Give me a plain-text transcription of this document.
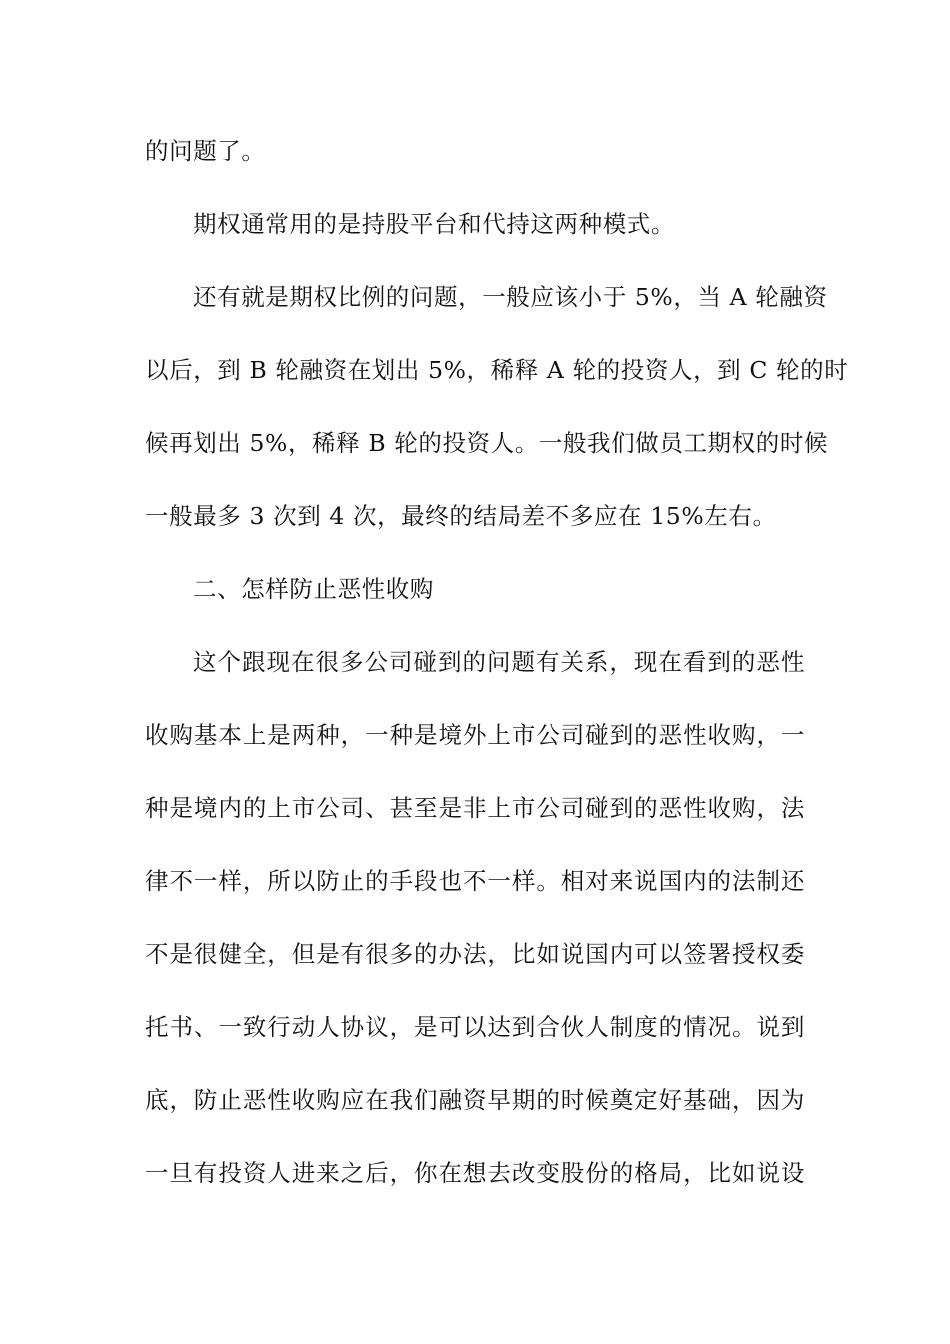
的问题了。
期权通常用的是持股平台和代持这两种模式。
还有就是期权比例的问题，一般应该小于 5%，当 A 轮融资
以后，到 B 轮融资在划出 5%，稀释 A 轮的投资人，到 C 轮的时
候再划出 5%，稀释 B 轮的投资人。一般我们做员工期权的时候
一般最多 3 次到 4 次，最终的结局差不多应在 15%左右。
二、怎样防止恶性收购
这个跟现在很多公司碰到的问题有关系，现在看到的恶性
收购基本上是两种，一种是境外上市公司碰到的恶性收购，一
种是境内的上市公司、甚至是非上市公司碰到的恶性收购，法
律不一样，所以防止的手段也不一样。相对来说国内的法制还
不是很健全，但是有很多的办法，比如说国内可以签署授权委
托书、一致行动人协议，是可以达到合伙人制度的情况。说到
底，防止恶性收购应在我们融资早期的时候奠定好基础，因为
一旦有投资人进来之后，你在想去改变股份的格局，比如说设
